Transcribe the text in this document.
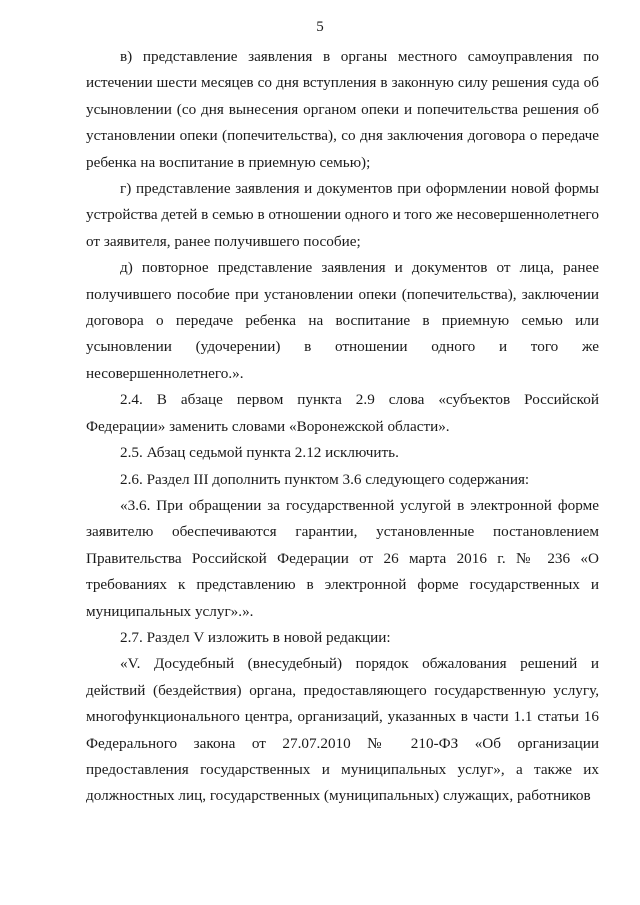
5

в) представление заявления в органы местного самоуправления по истечении шести месяцев со дня вступления в законную силу решения суда об усыновлении (со дня вынесения органом опеки и попечительства решения об установлении опеки (попечительства), со дня заключения договора о передаче ребенка на воспитание в приемную семью);

г) представление заявления и документов при оформлении новой формы устройства детей в семью в отношении одного и того же несовершеннолетнего от заявителя, ранее получившего пособие;

д) повторное представление заявления и документов от лица, ранее получившего пособие при установлении опеки (попечительства), заключении договора о передаче ребенка на воспитание в приемную семью или усыновлении (удочерении) в отношении одного и того же несовершеннолетнего.».

2.4. В абзаце первом пункта 2.9 слова «субъектов Российской Федерации» заменить словами «Воронежской области».

2.5. Абзац седьмой пункта 2.12 исключить.

2.6. Раздел III дополнить пунктом 3.6 следующего содержания:

«3.6. При обращении за государственной услугой в электронной форме заявителю обеспечиваются гарантии, установленные постановлением Правительства Российской Федерации от 26 марта 2016 г. № 236 «О требованиях к представлению в электронной форме государственных и муниципальных услуг».».

2.7. Раздел V изложить в новой редакции:

«V. Досудебный (внесудебный) порядок обжалования решений и действий (бездействия) органа, предоставляющего государственную услугу, многофункционального центра, организаций, указанных в части 1.1 статьи 16 Федерального закона от 27.07.2010 № 210-ФЗ «Об организации предоставления государственных и муниципальных услуг», а также их должностных лиц, государственных (муниципальных) служащих, работников
